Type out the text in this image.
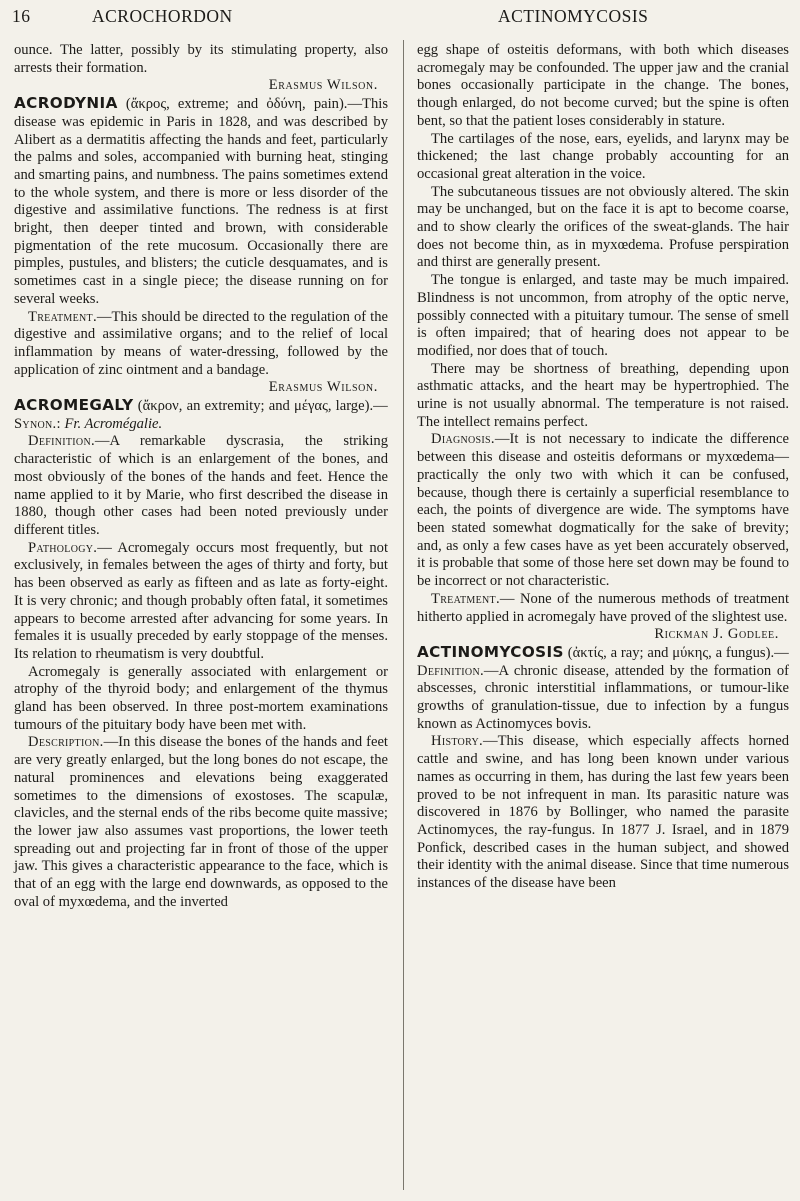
16	ACROCHORDON	ACTINOMYCOSIS

ounce. The latter, possibly by its stimulating property, also arrests their formation.

Erasmus Wilson.

ACRODYNIA (ἄκρος, extreme; and ὀδύνη, pain).—This disease was epidemic in Paris in 1828, and was described by Alibert as a dermatitis affecting the hands and feet, particularly the palms and soles, accompanied with burning heat, stinging and smarting pains, and numbness. The pains sometimes extend to the whole system, and there is more or less disorder of the digestive and assimilative functions. The redness is at first bright, then deeper tinted and brown, with considerable pigmentation of the rete mucosum. Occasionally there are pimples, pustules, and blisters; the cuticle desquamates, and is sometimes cast in a single piece; the disease running on for several weeks.

Treatment.—This should be directed to the regulation of the digestive and assimilative organs; and to the relief of local inflammation by means of water-dressing, followed by the application of zinc ointment and a bandage.

Erasmus Wilson.

ACROMEGALY (ἄκρον, an extremity; and μέγας, large).—Synon.: Fr. Acromégalie.

Definition.—A remarkable dyscrasia, the striking characteristic of which is an enlargement of the bones, and most obviously of the bones of the hands and feet. Hence the name applied to it by Marie, who first described the disease in 1880, though other cases had been noted previously under different titles.

Pathology.— Acromegaly occurs most frequently, but not exclusively, in females between the ages of thirty and forty, but has been observed as early as fifteen and as late as forty-eight. It is very chronic; and though probably often fatal, it sometimes appears to become arrested after advancing for some years. In females it is usually preceded by early stoppage of the menses. Its relation to rheumatism is very doubtful.

Acromegaly is generally associated with enlargement or atrophy of the thyroid body; and enlargement of the thymus gland has been observed. In three post-mortem examinations tumours of the pituitary body have been met with.

Description.—In this disease the bones of the hands and feet are very greatly enlarged, but the long bones do not escape, the natural prominences and elevations being exaggerated sometimes to the dimensions of exostoses. The scapulæ, clavicles, and the sternal ends of the ribs become quite massive; the lower jaw also assumes vast proportions, the lower teeth spreading out and projecting far in front of those of the upper jaw. This gives a characteristic appearance to the face, which is that of an egg with the large end downwards, as opposed to the oval of myxœdema, and the inverted

egg shape of osteitis deformans, with both which diseases acromegaly may be confounded. The upper jaw and the cranial bones occasionally participate in the change. The bones, though enlarged, do not become curved; but the spine is often bent, so that the patient loses considerably in stature.

The cartilages of the nose, ears, eyelids, and larynx may be thickened; the last change probably accounting for an occasional great alteration in the voice.

The subcutaneous tissues are not obviously altered. The skin may be unchanged, but on the face it is apt to become coarse, and to show clearly the orifices of the sweat-glands. The hair does not become thin, as in myxœdema. Profuse perspiration and thirst are generally present.

The tongue is enlarged, and taste may be much impaired. Blindness is not uncommon, from atrophy of the optic nerve, possibly connected with a pituitary tumour. The sense of smell is often impaired; that of hearing does not appear to be modified, nor does that of touch.

There may be shortness of breathing, depending upon asthmatic attacks, and the heart may be hypertrophied. The urine is not usually abnormal. The temperature is not raised. The intellect remains perfect.

Diagnosis.—It is not necessary to indicate the difference between this disease and osteitis deformans or myxœdema—practically the only two with which it can be confused, because, though there is certainly a superficial resemblance to each, the points of divergence are wide. The symptoms have been stated somewhat dogmatically for the sake of brevity; and, as only a few cases have as yet been accurately observed, it is probable that some of those here set down may be found to be incorrect or not characteristic.

Treatment.— None of the numerous methods of treatment hitherto applied in acromegaly have proved of the slightest use.

Rickman J. Godlee.

ACTINOMYCOSIS (ἀκτίς, a ray; and μύκης, a fungus).—Definition.—A chronic disease, attended by the formation of abscesses, chronic interstitial inflammations, or tumour-like growths of granulation-tissue, due to infection by a fungus known as Actinomyces bovis.

History.—This disease, which especially affects horned cattle and swine, and has long been known under various names as occurring in them, has during the last few years been proved to be not infrequent in man. Its parasitic nature was discovered in 1876 by Bollinger, who named the parasite Actinomyces, the ray-fungus. In 1877 J. Israel, and in 1879 Ponfick, described cases in the human subject, and showed their identity with the animal disease. Since that time numerous instances of the disease have been
